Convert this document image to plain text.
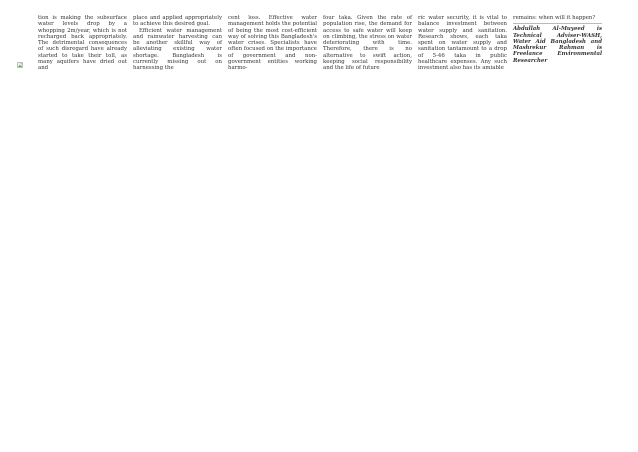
tion is making the subsurface water levels drop by a whopping 2m/year, which is not recharged back appropriately. The detrimental consequences of such disregard have already started to take their toll, as many aquifers have dried out and

place and applied appropriately to achieve this desired goal.

Efficient water management and rainwater harvesting can be another skillful way of alleviating existing water shortage. Bangladesh is currently missing out on harnessing the

cent loss. Effective water management holds the potential of being the most cost-efficient way of solving this Bangladesh's water crises. Specialists have often focused on the importance of government and non-government entities working harmo-

four taka. Given the rate of population rise, the demand for access to safe water will keep on climbing, the stress on water deteriorating with time. Therefore, there is no alternative to swift action, keeping social responsibility and the life of future

ric water security, it is vital to balance investment between water supply and sanitation. Research shows, each taka spent on water supply and sanitation tantamount to a drop of 5-46 taka in public healthcare expenses. Any such investment also has its amiable

remains: when will it happen?

Abdullah Al-Muyeed is Technical Adviser-WASH, Water Aid Bangladesh and Mashrekur Rahman is Freelance Environmental Researcher
